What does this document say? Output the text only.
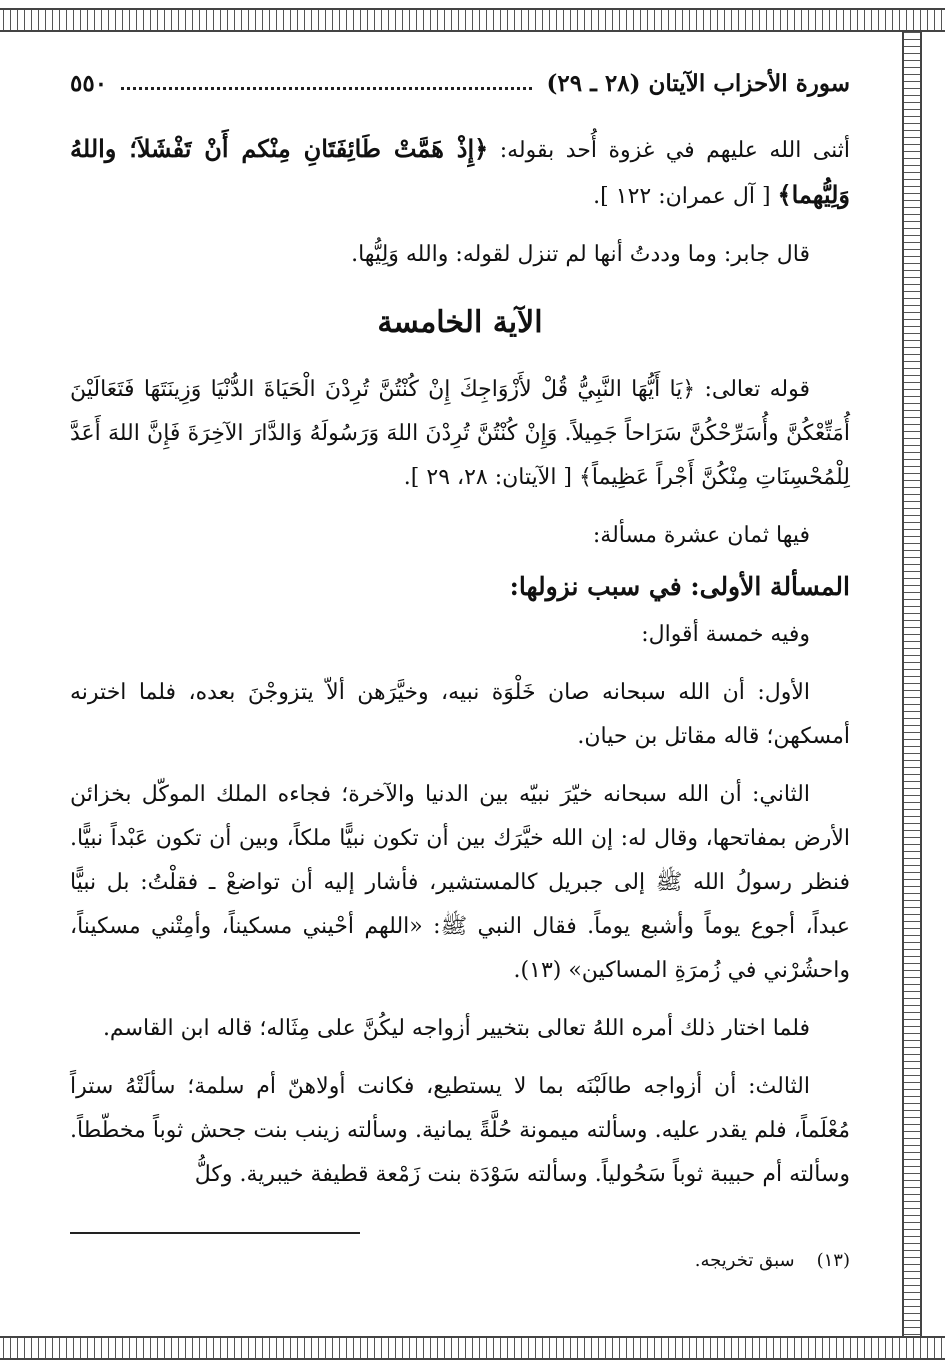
سورة الأحزاب الآيتان (٢٨ ـ ٢٩)
٥٥٠

أثنى الله عليهم في غزوة أُحد بقوله: ﴿إِذْ هَمَّتْ طَائِفَتَانِ مِنْكم أَنْ تَفْشَلاَ؛ واللهُ وَلِيُّهما﴾ [ آل عمران: ١٢٢ ].

قال جابر: وما وددتُ أنها لم تنزل لقوله: والله وَلِيُّها.

الآية الخامسة

قوله تعالى: ﴿يَا أَيُّهَا النَّبِيُّ قُلْ لأَزْوَاجِكَ إِنْ كُنْتُنَّ تُرِدْنَ الْحَيَاةَ الدُّنْيَا وَزِينَتَهَا فَتَعَالَيْنَ أُمَتِّعْكُنَّ وأُسَرِّحْكُنَّ سَرَاحاً جَمِيلاً. وَإِنْ كُنْتُنَّ تُرِدْنَ اللهَ وَرَسُولَهُ وَالدَّارَ الآخِرَةَ فَإِنَّ اللهَ أَعَدَّ لِلْمُحْسِنَاتِ مِنْكُنَّ أَجْراً عَظِيماً﴾ [ الآيتان: ٢٨، ٢٩ ].

فيها ثمان عشرة مسألة:

المسألة الأولى: في سبب نزولها:

وفيه خمسة أقوال:

الأول: أن الله سبحانه صان خَلْوَة نبيه، وخيَّرَهن ألاّ يتزوجْنَ بعده، فلما اخترنه أمسكهن؛ قاله مقاتل بن حيان.

الثاني: أن الله سبحانه خيّرَ نبيّه بين الدنيا والآخرة؛ فجاءه الملك الموكّل بخزائن الأرض بمفاتحها، وقال له: إن الله خيَّرَك بين أن تكون نبيًّا ملكاً، وبين أن تكون عَبْداً نبيًّا. فنظر رسولُ الله ﷺ إلى جبريل كالمستشير، فأشار إليه أن تواضعْ ـ فقلْتُ: بل نبيًّا عبداً، أجوع يوماً وأشبع يوماً. فقال النبي ﷺ: «اللهم أحْيني مسكيناً، وأمِتْني مسكيناً، واحشُرْني في زُمرَةِ المساكين» (١٣).

فلما اختار ذلك أمره اللهُ تعالى بتخيير أزواجه ليكُنَّ على مِثَاله؛ قاله ابن القاسم.

الثالث: أن أزواجه طالَبْنَه بما لا يستطيع، فكانت أولاهنّ أم سلمة؛ سألَتْهُ ستراً مُعْلَماً، فلم يقدر عليه. وسألته ميمونة حُلَّةً يمانية. وسألته زينب بنت جحش ثوباً مخطّطاً. وسألته أم حبيبة ثوباً سَحُولياً. وسألته سَوْدَة بنت زَمْعة قطيفة خيبرية. وكلُّ

(١٣)سبق تخريجه.
